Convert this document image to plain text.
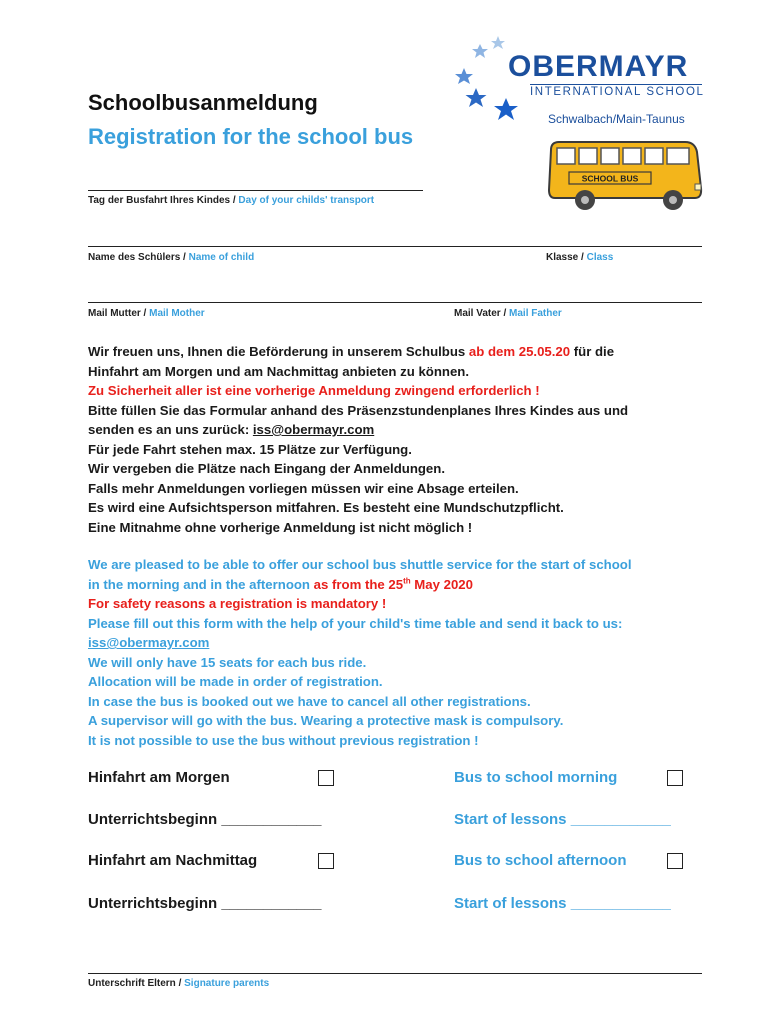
Schoolbusanmeldung
Registration for the school bus
OBERMAYR
INTERNATIONAL SCHOOL
Schwalbach/Main-Taunus
SCHOOL BUS
Tag der Busfahrt Ihres Kindes / Day of your childs' transport
Name des Schülers / Name of child	Klasse / Class
Mail Mutter / Mail Mother	Mail Vater / Mail Father
Wir freuen uns, Ihnen die Beförderung in unserem Schulbus ab dem 25.05.20 für die
Hinfahrt am Morgen und am Nachmittag anbieten zu können.
Zu Sicherheit aller ist eine vorherige Anmeldung zwingend erforderlich !
Bitte füllen Sie das Formular anhand des Präsenzstundenplanes Ihres Kindes aus und
senden es an uns zurück: iss@obermayr.com
Für jede Fahrt stehen max. 15 Plätze zur Verfügung.
Wir vergeben die Plätze nach Eingang der Anmeldungen.
Falls mehr Anmeldungen vorliegen müssen wir eine Absage erteilen.
Es wird eine Aufsichtsperson mitfahren. Es besteht eine Mundschutzpflicht.
Eine Mitnahme ohne vorherige Anmeldung ist nicht möglich !
We are pleased to be able to offer our school bus shuttle service for the start of school
in the morning and in the afternoon as from the 25th May 2020
For safety reasons a registration is mandatory !
Please fill out this form with the help of your child's time table and send it back to us:
iss@obermayr.com
We will only have 15 seats for each bus ride.
Allocation will be made in order of registration.
In case the bus is booked out we have to cancel all other registrations.
A supervisor will go with the bus. Wearing a protective mask is compulsory.
It is not possible to use the bus without previous registration !
Hinfahrt am Morgen	Bus to school morning
Unterrichtsbeginn ____________	Start of lessons ____________
Hinfahrt am Nachmittag	Bus to school afternoon
Unterrichtsbeginn ____________	Start of lessons ____________
Unterschrift Eltern / Signature parents
